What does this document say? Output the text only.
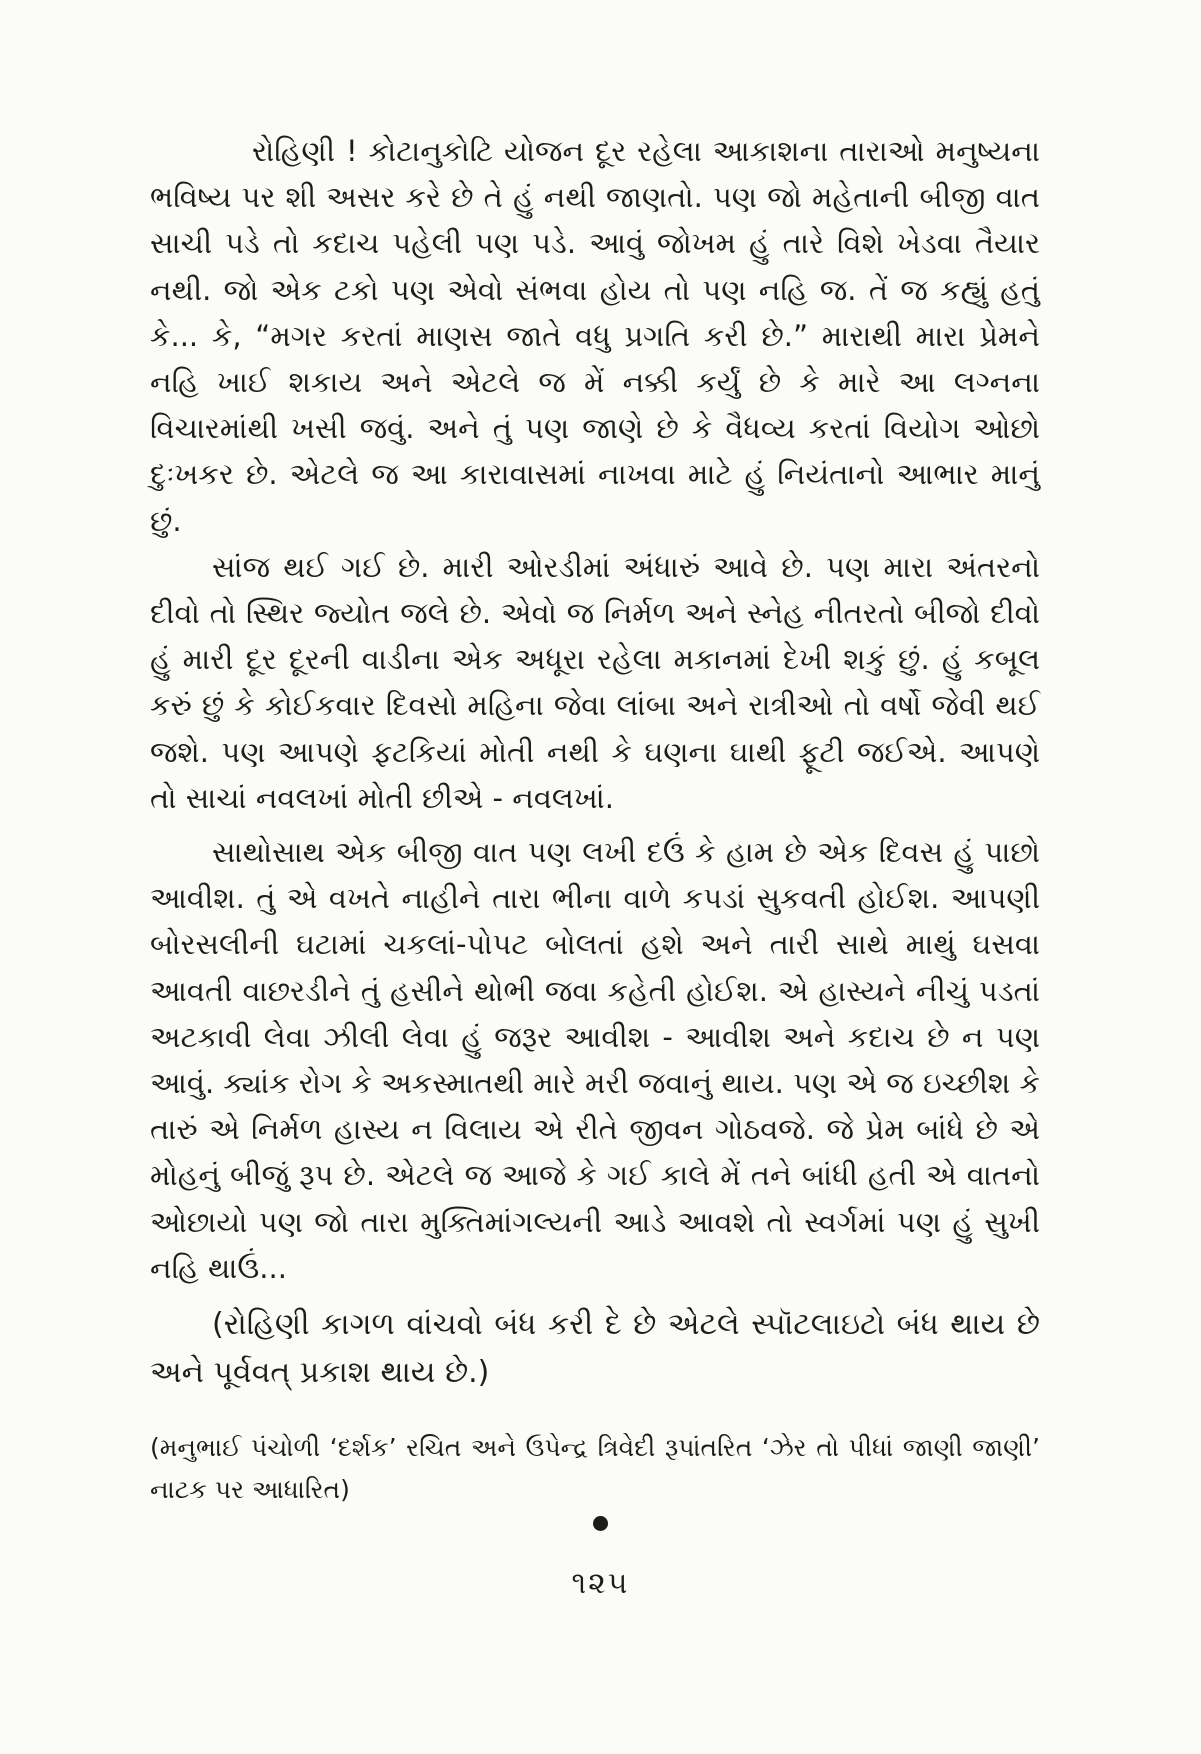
રોહિણી ! કોટાનુકોટિ યોજન દૂર રહેલા આકાશના તારાઓ મનુષ્યના ભવિષ્ય પર શી અસર કરે છે તે હું નથી જાણતો. પણ જો મહેતાની બીજી વાત સાચી પડે તો કદાચ પહેલી પણ પડે. આવું જોખમ હું તારે વિશે ખેડવા તૈયાર નથી. જો એક ટકો પણ એવો સંભવા હોય તો પણ નહિ જ. તેં જ કહ્યું હતું કે... કે, “મગર કરતાં માણસ જાતે વધુ પ્રગતિ કરી છે.” મારાથી મારા પ્રેમને નહિ ખાઈ શકાય અને એટલે જ મેં નક્કી કર્યું છે કે મારે આ લગ્નના વિચારમાંથી ખસી જવું. અને તું પણ જાણે છે કે વૈધવ્ય કરતાં વિયોગ ઓછો દુઃખકર છે. એટલે જ આ કારાવાસમાં નાખવા માટે હું નિયંતાનો આભાર માનું છું.

સાંજ થઈ ગઈ છે. મારી ઓરડીમાં અંધારું આવે છે. પણ મારા અંતરનો દીવો તો સ્થિર જ્યોત જલે છે. એવો જ નિર્મળ અને સ્નેહ નીતરતો બીજો દીવો હું મારી દૂર દૂરની વાડીના એક અધૂરા રહેલા મકાનમાં દેખી શકું છું. હું કબૂલ કરું છું કે કોઈકવાર દિવસો મહિના જેવા લાંબા અને રાત્રીઓ તો વર્ષો જેવી થઈ જશે. પણ આપણે ફટકિયાં મોતી નથી કે ઘણના ઘાથી ફૂટી જઈએ. આપણે તો સાચાં નવલખાં મોતી છીએ - નવલખાં.

સાથોસાથ એક બીજી વાત પણ લખી દઉં કે હામ છે એક દિવસ હું પાછો આવીશ. તું એ વખતે નાહીને તારા ભીના વાળે કપડાં સુકવતી હોઈશ. આપણી બોરસલીની ઘટામાં ચકલાં-પોપટ બોલતાં હશે અને તારી સાથે માથું ઘસવા આવતી વાછરડીને તું હસીને થોભી જવા કહેતી હોઈશ. એ હાસ્યને નીચું પડતાં અટકાવી લેવા ઝીલી લેવા હું જરૂર આવીશ - આવીશ અને કદાચ છે ન પણ આવું. ક્યાંક રોગ કે અકસ્માતથી મારે મરી જવાનું થાય. પણ એ જ ઇચ્છીશ કે તારું એ નિર્મળ હાસ્ય ન વિલાય એ રીતે જીવન ગોઠવજે. જે પ્રેમ બાંધે છે એ મોહનું બીજું રૂપ છે. એટલે જ આજે કે ગઈ કાલે મેં તને બાંધી હતી એ વાતનો ઓછાયો પણ જો તારા મુક્તિમાંગલ્યની આડે આવશે તો સ્વર્ગમાં પણ હું સુખી નહિ થાઉં...

(રોહિણી કાગળ વાંચવો બંધ કરી દે છે એટલે સ્પૉટલાઇટો બંધ થાય છે અને પૂર્વવત્ પ્રકાશ થાય છે.)

(મનુભાઈ પંચોળી ‘દર્શક’ રચિત અને ઉપેન્દ્ર ત્રિવેદી રૂપાંતરિત ‘ઝેર તો પીધાં જાણી જાણી’ નાટક પર આધારિત)

૧૨૫
